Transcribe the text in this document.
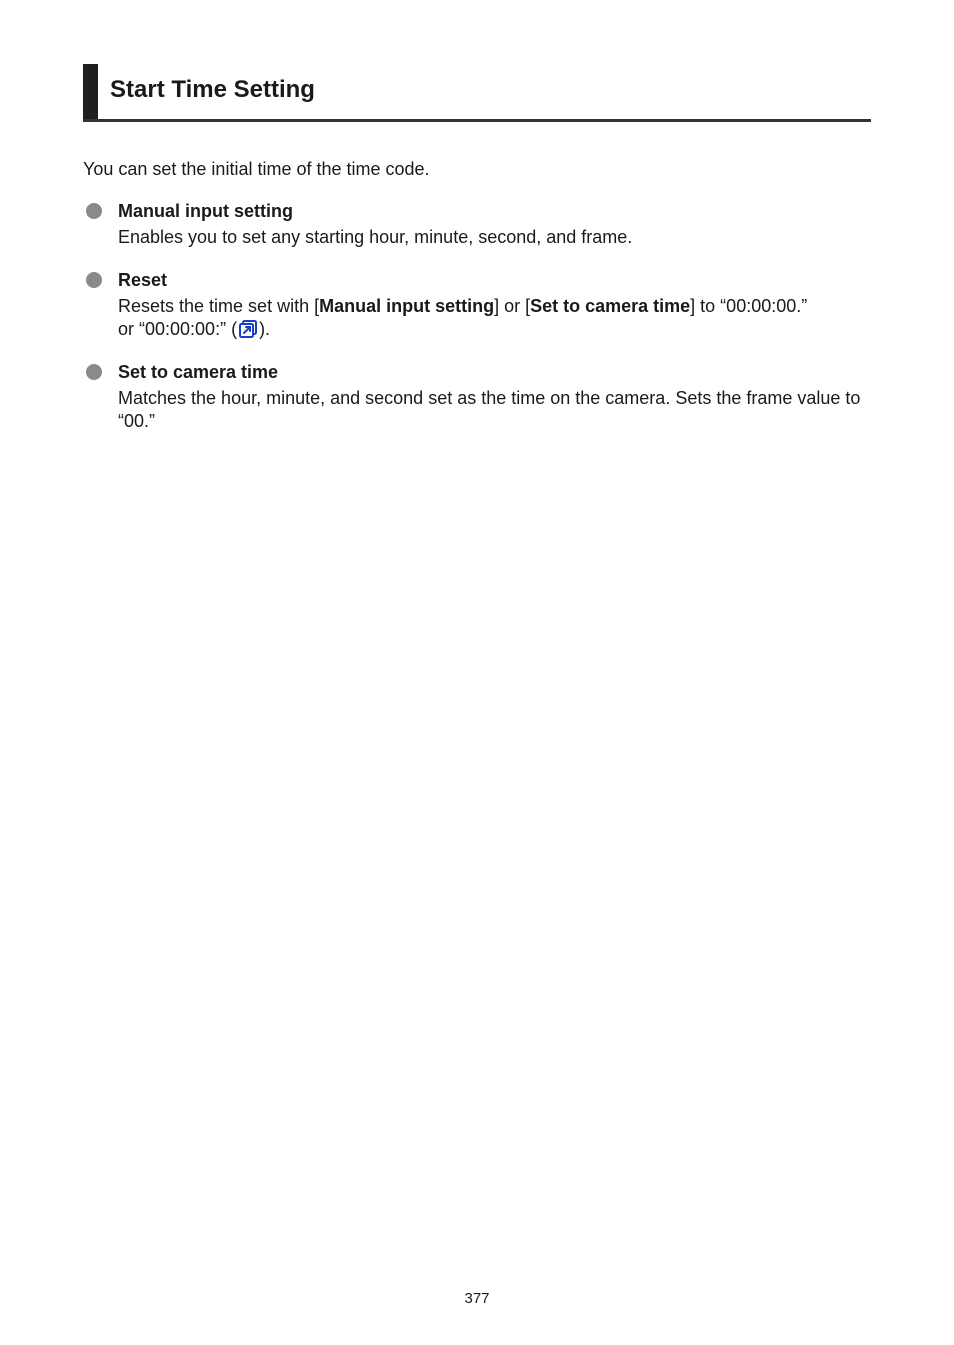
Start Time Setting

You can set the initial time of the time code.

Manual input setting

Enables you to set any starting hour, minute, second, and frame.

Reset

Resets the time set with [Manual input setting] or [Set to camera time] to “00:00:00.”
or “00:00:00:” ( ).

Set to camera time

Matches the hour, minute, and second set as the time on the camera. Sets the frame value to “00.”

377
